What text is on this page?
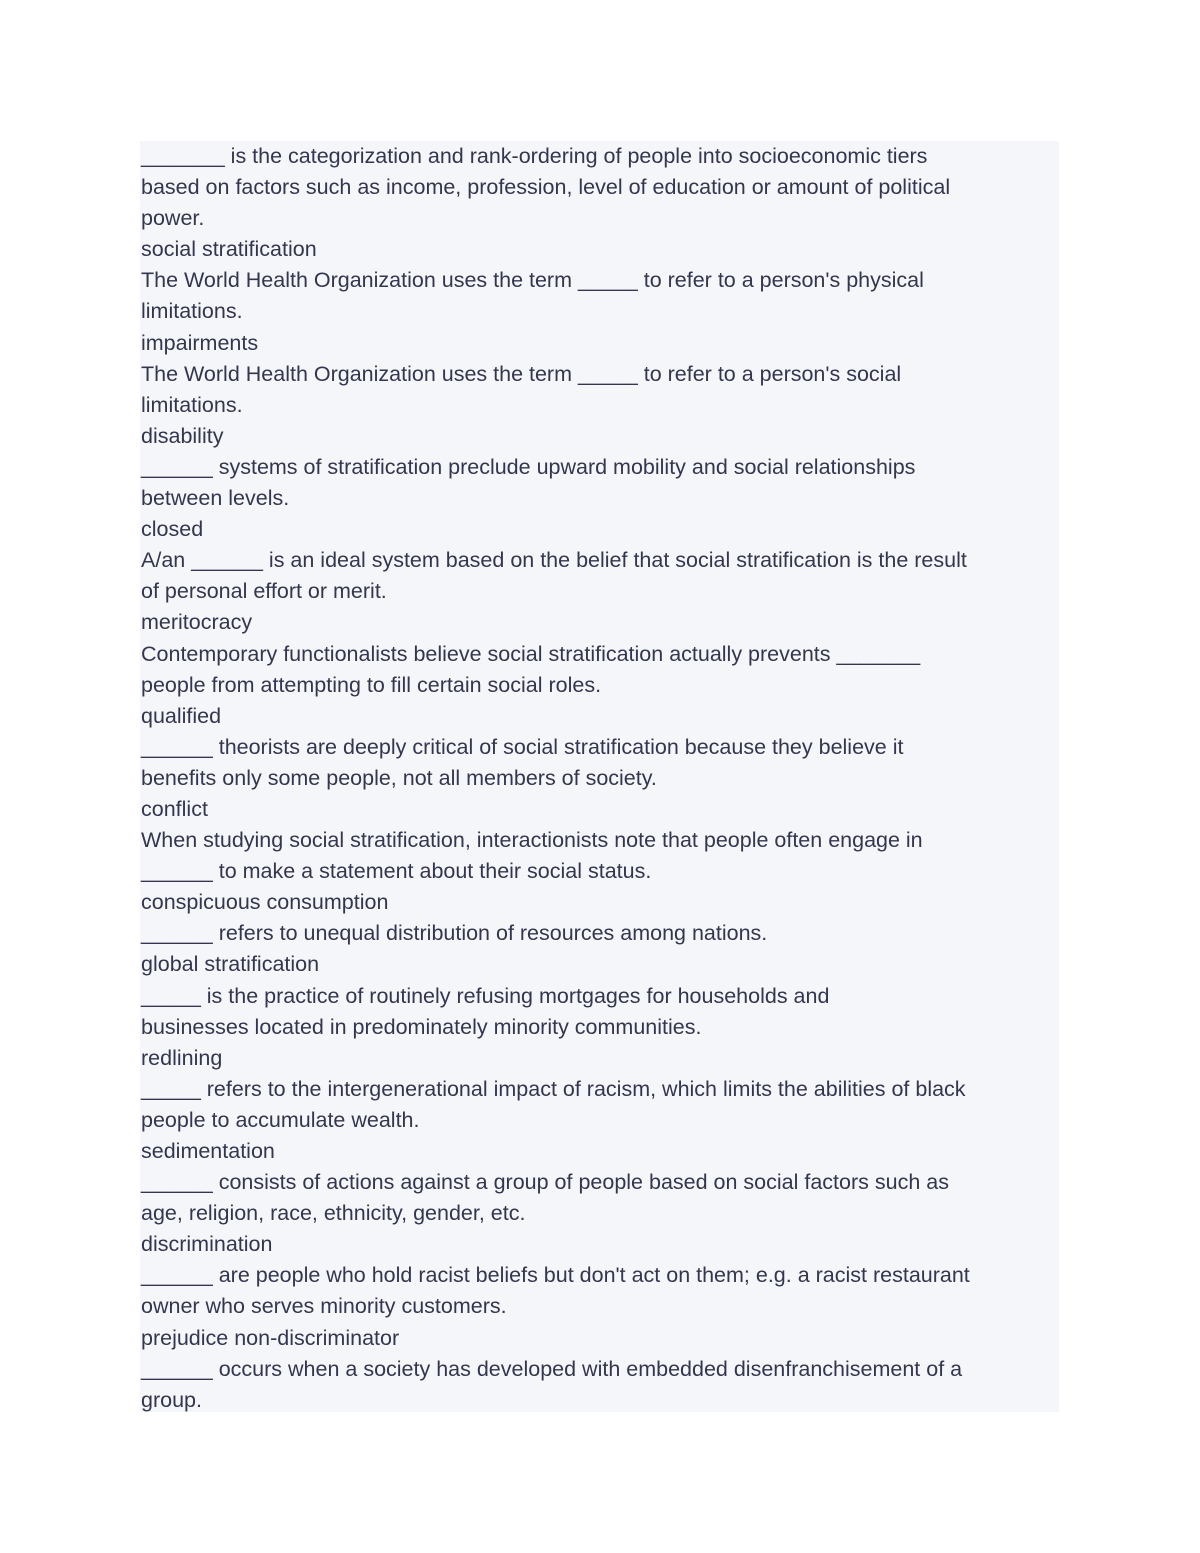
_______ is the categorization and rank-ordering of people into socioeconomic tiers

based on factors such as income, profession, level of education or amount of political

power.

social stratification

The World Health Organization uses the term _____ to refer to a person's physical

limitations.

impairments

The World Health Organization uses the term _____ to refer to a person's social

limitations.

disability

______ systems of stratification preclude upward mobility and social relationships

between levels.

closed

A/an ______ is an ideal system based on the belief that social stratification is the result

of personal effort or merit.

meritocracy

Contemporary functionalists believe social stratification actually prevents _______

people from attempting to fill certain social roles.

qualified

______ theorists are deeply critical of social stratification because they believe it

benefits only some people, not all members of society.

conflict

When studying social stratification, interactionists note that people often engage in

______ to make a statement about their social status.

conspicuous consumption

______ refers to unequal distribution of resources among nations.

global stratification

_____ is the practice of routinely refusing mortgages for households and

businesses located in predominately minority communities.

redlining

_____ refers to the intergenerational impact of racism, which limits the abilities of black

people to accumulate wealth.

sedimentation

______ consists of actions against a group of people based on social factors such as

age, religion, race, ethnicity, gender, etc.

discrimination

______ are people who hold racist beliefs but don't act on them; e.g. a racist restaurant

owner who serves minority customers.

prejudice non-discriminator

______ occurs when a society has developed with embedded disenfranchisement of a

group.
